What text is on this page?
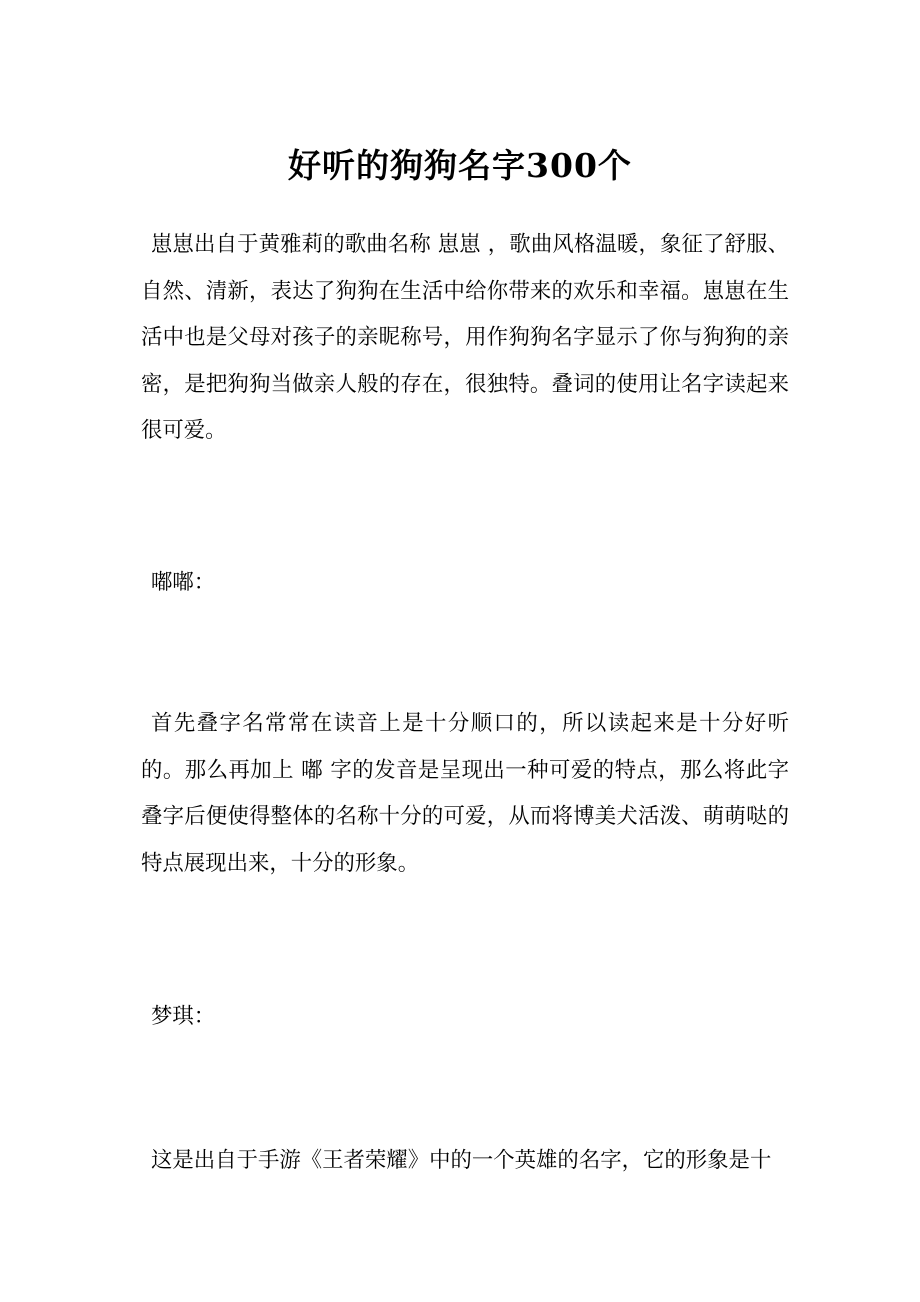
好听的狗狗名字300个

崽崽出自于黄雅莉的歌曲名称 崽崽 ，歌曲风格温暖，象征了舒服、自然、清新，表达了狗狗在生活中给你带来的欢乐和幸福。崽崽在生活中也是父母对孩子的亲昵称号，用作狗狗名字显示了你与狗狗的亲密，是把狗狗当做亲人般的存在，很独特。叠词的使用让名字读起来很可爱。

嘟嘟：

首先叠字名常常在读音上是十分顺口的，所以读起来是十分好听的。那么再加上 嘟 字的发音是呈现出一种可爱的特点，那么将此字叠字后便使得整体的名称十分的可爱，从而将博美犬活泼、萌萌哒的特点展现出来，十分的形象。

梦琪：

这是出自于手游《王者荣耀》中的一个英雄的名字，它的形象是十
